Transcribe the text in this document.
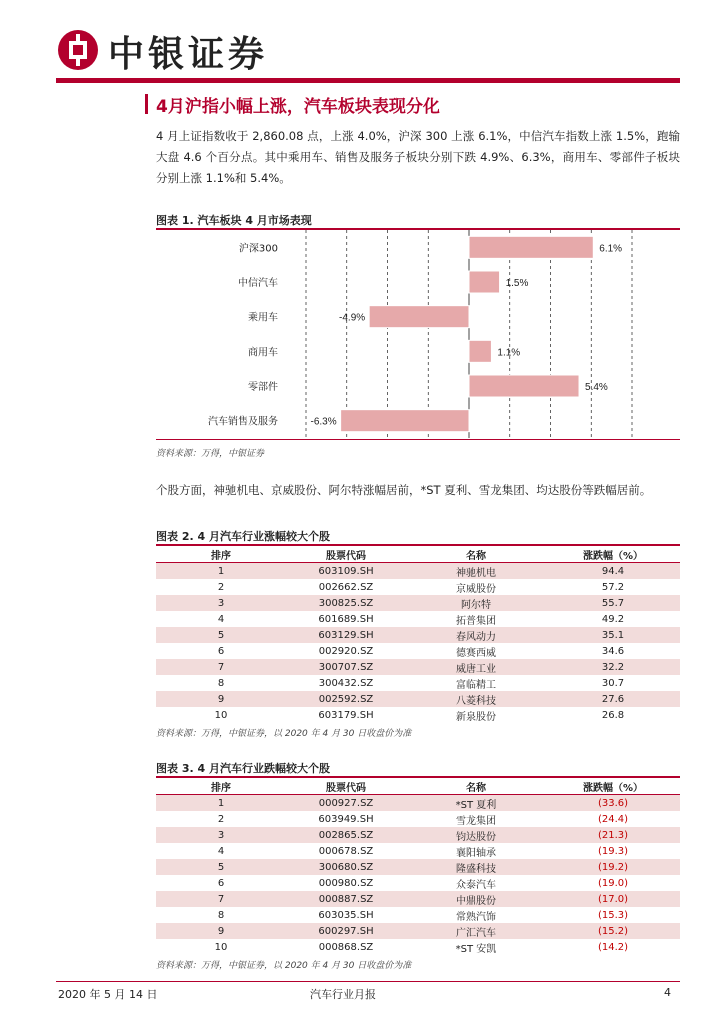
中银证券
4月沪指小幅上涨，汽车板块表现分化
4 月上证指数收于 2,860.08 点，上涨 4.0%，沪深 300 上涨 6.1%，中信汽车指数上涨 1.5%，跑输大盘 4.6 个百分点。其中乘用车、销售及服务子板块分别下跌 4.9%、6.3%，商用车、零部件子板块分别上涨 1.1%和 5.4%。
图表 1. 汽车板块 4 月市场表现
沪深300	6.1%
中信汽车	1.5%
乘用车	-4.9%
商用车	1.1%
零部件	5.4%
汽车销售及服务	-6.3%
资料来源：万得，中银证券
个股方面，神驰机电、京威股份、阿尔特涨幅居前，*ST 夏利、雪龙集团、均达股份等跌幅居前。
图表 2. 4 月汽车行业涨幅较大个股
排序	股票代码	名称	涨跌幅（%）
1	603109.SH	神驰机电	94.4
2	002662.SZ	京威股份	57.2
3	300825.SZ	阿尔特	55.7
4	601689.SH	拓普集团	49.2
5	603129.SH	春风动力	35.1
6	002920.SZ	德赛西威	34.6
7	300707.SZ	威唐工业	32.2
8	300432.SZ	富临精工	30.7
9	002592.SZ	八菱科技	27.6
10	603179.SH	新泉股份	26.8
资料来源：万得，中银证券，以 2020 年 4 月 30 日收盘价为准
图表 3. 4 月汽车行业跌幅较大个股
排序	股票代码	名称	涨跌幅（%）
1	000927.SZ	*ST 夏利	(33.6)
2	603949.SH	雪龙集团	(24.4)
3	002865.SZ	钧达股份	(21.3)
4	000678.SZ	襄阳轴承	(19.3)
5	300680.SZ	隆盛科技	(19.2)
6	000980.SZ	众泰汽车	(19.0)
7	000887.SZ	中鼎股份	(17.0)
8	603035.SH	常熟汽饰	(15.3)
9	600297.SH	广汇汽车	(15.2)
10	000868.SZ	*ST 安凯	(14.2)
资料来源：万得，中银证券，以 2020 年 4 月 30 日收盘价为准
2020 年 5 月 14 日	汽车行业月报	4
